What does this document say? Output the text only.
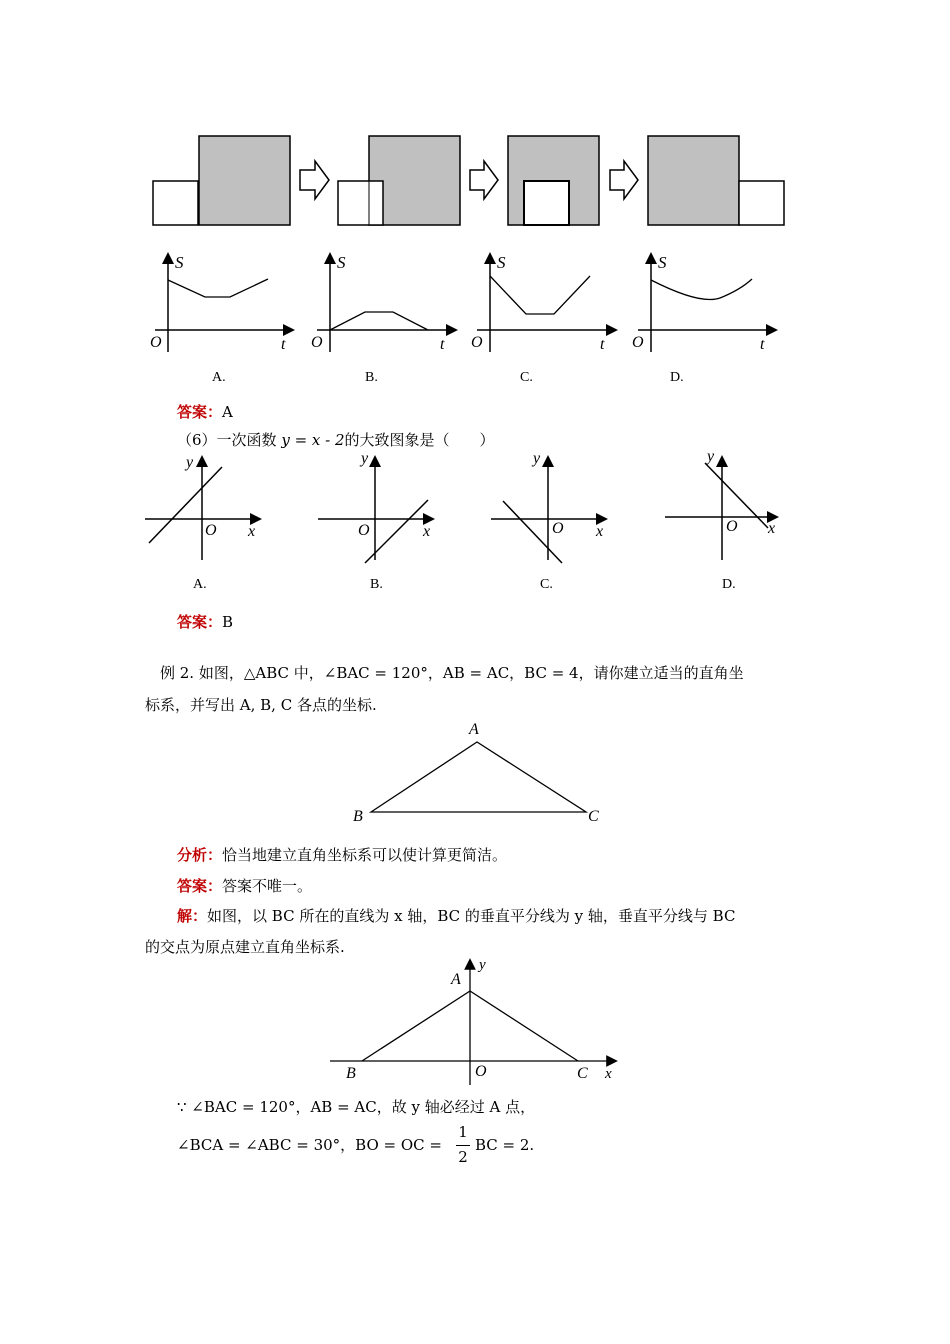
S
O	t
S
O	t
S
O	t
S
O	t
A.	B.	C.	D.
答案：A
（6）一次函数 y = x - 2的大致图象是（　　）
y
O x
y
O	x
y
O x
y
O x
A.	B.	C.	D.
答案：B
例 2. 如图，△ABC 中，∠BAC = 120°，AB = AC，BC = 4，请你建立适当的直角坐
标系，并写出 A, B, C 各点的坐标.
A
B	C
分析：恰当地建立直角坐标系可以使计算更简洁。
答案：答案不唯一。
解：如图，以 BC 所在的直线为 x 轴，BC 的垂直平分线为 y 轴，垂直平分线与 BC
的交点为原点建立直角坐标系.
A
y
B	O	C x
∵ ∠BAC = 120°，AB = AC，故 y 轴必经过 A 点，
∠BCA = ∠ABC = 30°，BO = OC =
1
2
BC = 2.
